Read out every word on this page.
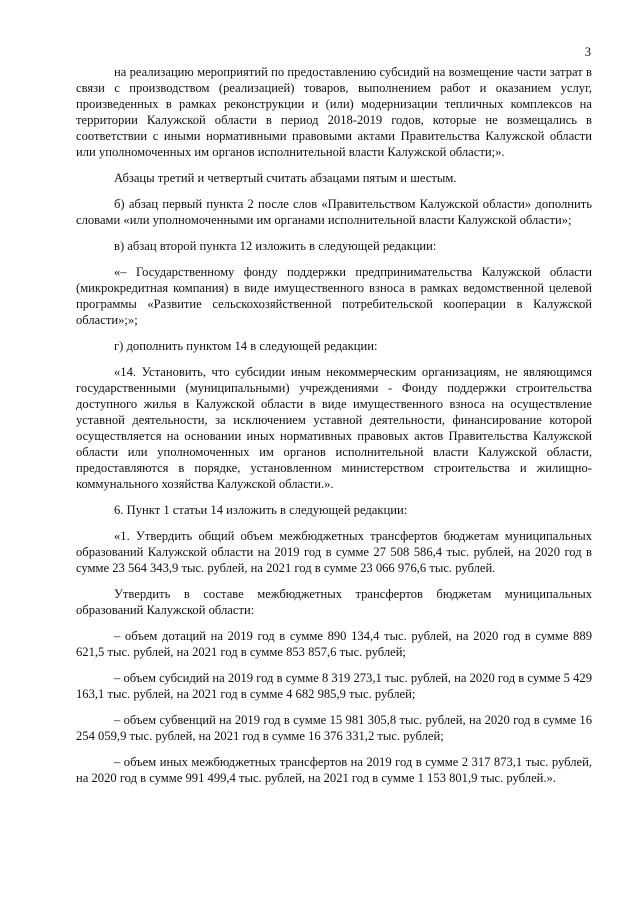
3

на реализацию мероприятий по предоставлению субсидий на возмещение части затрат в связи с производством (реализацией) товаров, выполнением работ и оказанием услуг, произведенных в рамках реконструкции и (или) модернизации тепличных комплексов на территории Калужской области в период 2018-2019 годов, которые не возмещались в соответствии с иными нормативными правовыми актами Правительства Калужской области или уполномоченных им органов исполнительной власти Калужской области;».

Абзацы третий и четвертый считать абзацами пятым и шестым.

б) абзац первый пункта 2 после слов «Правительством Калужской области» дополнить словами «или уполномоченными им органами исполнительной власти Калужской области»;

в) абзац второй пункта 12 изложить в следующей редакции:

«– Государственному фонду поддержки предпринимательства Калужской области (микрокредитная компания) в виде имущественного взноса в рамках ведомственной целевой программы «Развитие сельскохозяйственной потребительской кооперации в Калужской области»;»;

г) дополнить пунктом 14 в следующей редакции:

«14. Установить, что субсидии иным некоммерческим организациям, не являющимся государственными (муниципальными) учреждениями - Фонду поддержки строительства доступного жилья в Калужской области в виде имущественного взноса на осуществление уставной деятельности, за исключением уставной деятельности, финансирование которой осуществляется на основании иных нормативных правовых актов Правительства Калужской области или уполномоченных им органов исполнительной власти Калужской области, предоставляются в порядке, установленном министерством строительства и жилищно-коммунального хозяйства Калужской области.».

6. Пункт 1 статьи 14 изложить в следующей редакции:

«1. Утвердить общий объем межбюджетных трансфертов бюджетам муниципальных образований Калужской области на 2019 год в сумме 27 508 586,4 тыс. рублей, на 2020 год в сумме 23 564 343,9 тыс. рублей, на 2021 год в сумме 23 066 976,6 тыс. рублей.

Утвердить в составе межбюджетных трансфертов бюджетам муниципальных образований Калужской области:

– объем дотаций на 2019 год в сумме 890 134,4 тыс. рублей, на 2020 год в сумме 889 621,5 тыс. рублей, на 2021 год в сумме 853 857,6 тыс. рублей;

– объем субсидий на 2019 год в сумме 8 319 273,1 тыс. рублей, на 2020 год в сумме 5 429 163,1 тыс. рублей, на 2021 год в сумме 4 682 985,9 тыс. рублей;

– объем субвенций на 2019 год в сумме 15 981 305,8 тыс. рублей, на 2020 год в сумме 16 254 059,9 тыс. рублей, на 2021 год в сумме 16 376 331,2 тыс. рублей;

– объем иных межбюджетных трансфертов на 2019 год в сумме 2 317 873,1 тыс. рублей, на 2020 год в сумме 991 499,4 тыс. рублей, на 2021 год в сумме 1 153 801,9 тыс. рублей.».
